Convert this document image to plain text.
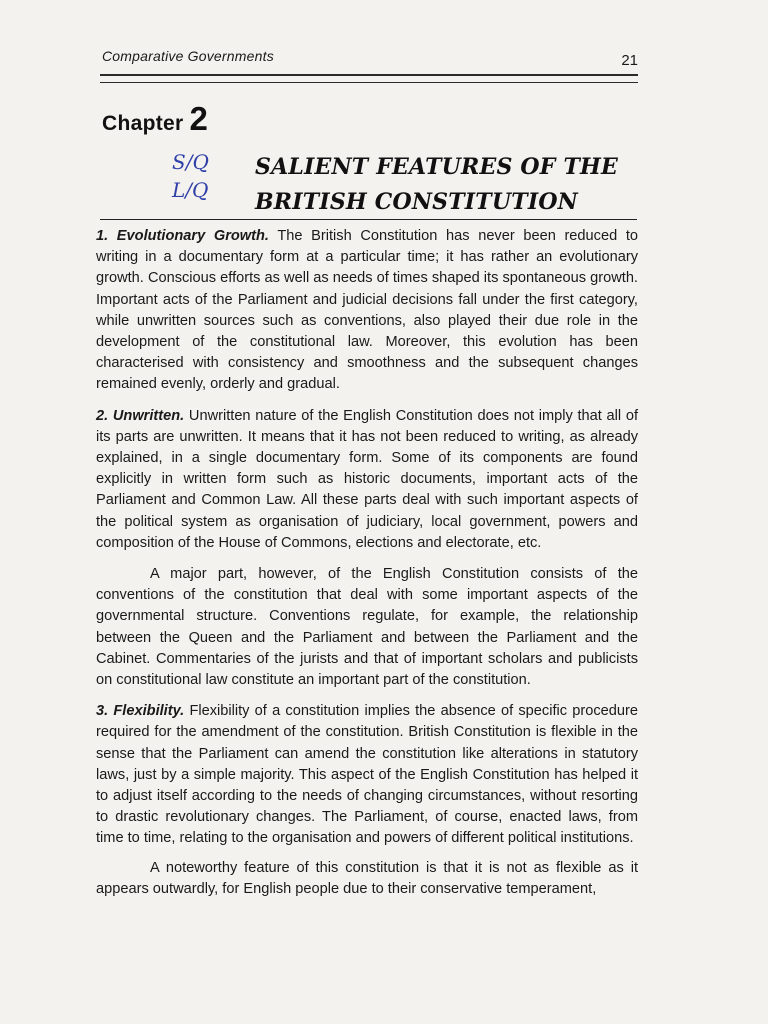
Comparative Governments	21
Chapter 2
S/Q
L/Q
SALIENT FEATURES OF THE
BRITISH CONSTITUTION

1. Evolutionary Growth. The British Constitution has never been reduced to writing in a documentary form at a particular time; it has rather an evolutionary growth. Conscious efforts as well as needs of times shaped its spontaneous growth. Important acts of the Parliament and judicial decisions fall under the first category, while unwritten sources such as conventions, also played their due role in the development of the constitutional law. Moreover, this evolution has been characterised with consistency and smoothness and the subsequent changes remained evenly, orderly and gradual.

2. Unwritten. Unwritten nature of the English Constitution does not imply that all of its parts are unwritten. It means that it has not been reduced to writing, as already explained, in a single documentary form. Some of its components are found explicitly in written form such as historic documents, important acts of the Parliament and Common Law. All these parts deal with such important aspects of the political system as organisation of judiciary, local government, powers and composition of the House of Commons, elections and electorate, etc.

A major part, however, of the English Constitution consists of the conventions of the constitution that deal with some important aspects of the governmental structure. Conventions regulate, for example, the relationship between the Queen and the Parliament and between the Parliament and the Cabinet. Commentaries of the jurists and that of important scholars and publicists on constitutional law constitute an important part of the constitution.

3. Flexibility. Flexibility of a constitution implies the absence of specific procedure required for the amendment of the constitution. British Constitution is flexible in the sense that the Parliament can amend the constitution like alterations in statutory laws, just by a simple majority. This aspect of the English Constitution has helped it to adjust itself according to the needs of changing circumstances, without resorting to drastic revolutionary changes. The Parliament, of course, enacted laws, from time to time, relating to the organisation and powers of different political institutions.

A noteworthy feature of this constitution is that it is not as flexible as it appears outwardly, for English people due to their conservative temperament,
